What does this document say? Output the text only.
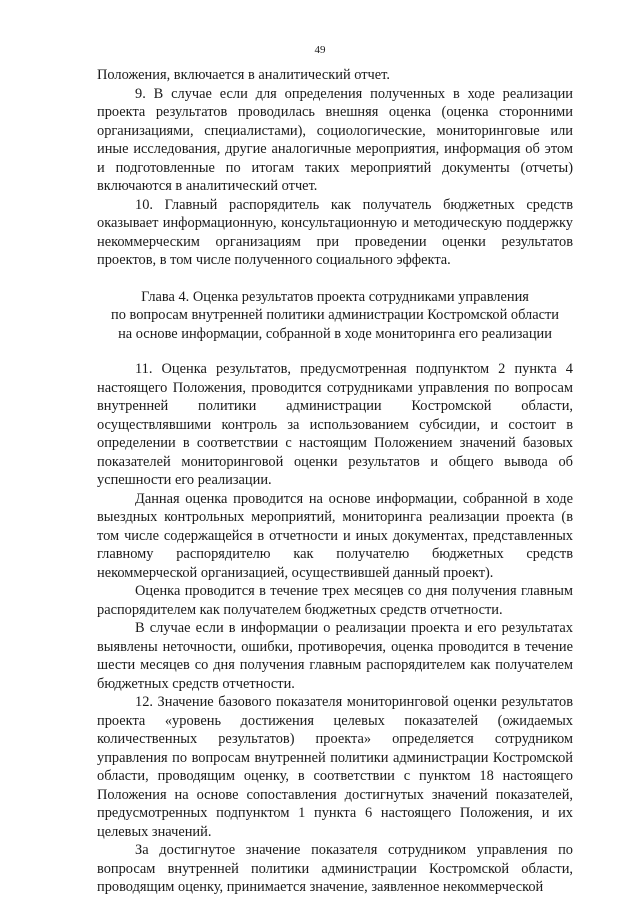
49

Положения, включается в аналитический отчет.

9. В случае если для определения полученных в ходе реализации проекта результатов проводилась внешняя оценка (оценка сторонними организациями, специалистами), социологические, мониторинговые или иные исследования, другие аналогичные мероприятия, информация об этом и подготовленные по итогам таких мероприятий документы (отчеты) включаются в аналитический отчет.

10. Главный распорядитель как получатель бюджетных средств оказывает информационную, консультационную и методическую поддержку некоммерческим организациям при проведении оценки результатов проектов, в том числе полученного социального эффекта.

Глава 4. Оценка результатов проекта сотрудниками управления
по вопросам внутренней политики администрации Костромской области
на основе информации, собранной в ходе мониторинга его реализации

11. Оценка результатов, предусмотренная подпунктом 2 пункта 4 настоящего Положения, проводится сотрудниками управления по вопросам внутренней политики администрации Костромской области, осуществлявшими контроль за использованием субсидии, и состоит в определении в соответствии с настоящим Положением значений базовых показателей мониторинговой оценки результатов и общего вывода об успешности его реализации.

Данная оценка проводится на основе информации, собранной в ходе выездных контрольных мероприятий, мониторинга реализации проекта (в том числе содержащейся в отчетности и иных документах, представленных главному распорядителю как получателю бюджетных средств некоммерческой организацией, осуществившей данный проект).

Оценка проводится в течение трех месяцев со дня получения главным распорядителем как получателем бюджетных средств отчетности.

В случае если в информации о реализации проекта и его результатах выявлены неточности, ошибки, противоречия, оценка проводится в течение шести месяцев со дня получения главным распорядителем как получателем бюджетных средств отчетности.

12. Значение базового показателя мониторинговой оценки результатов проекта «уровень достижения целевых показателей (ожидаемых количественных результатов) проекта» определяется сотрудником управления по вопросам внутренней политики администрации Костромской области, проводящим оценку, в соответствии с пунктом 18 настоящего Положения на основе сопоставления достигнутых значений показателей, предусмотренных подпунктом 1 пункта 6 настоящего Положения, и их целевых значений.

За достигнутое значение показателя сотрудником управления по вопросам внутренней политики администрации Костромской области, проводящим оценку, принимается значение, заявленное некоммерческой
